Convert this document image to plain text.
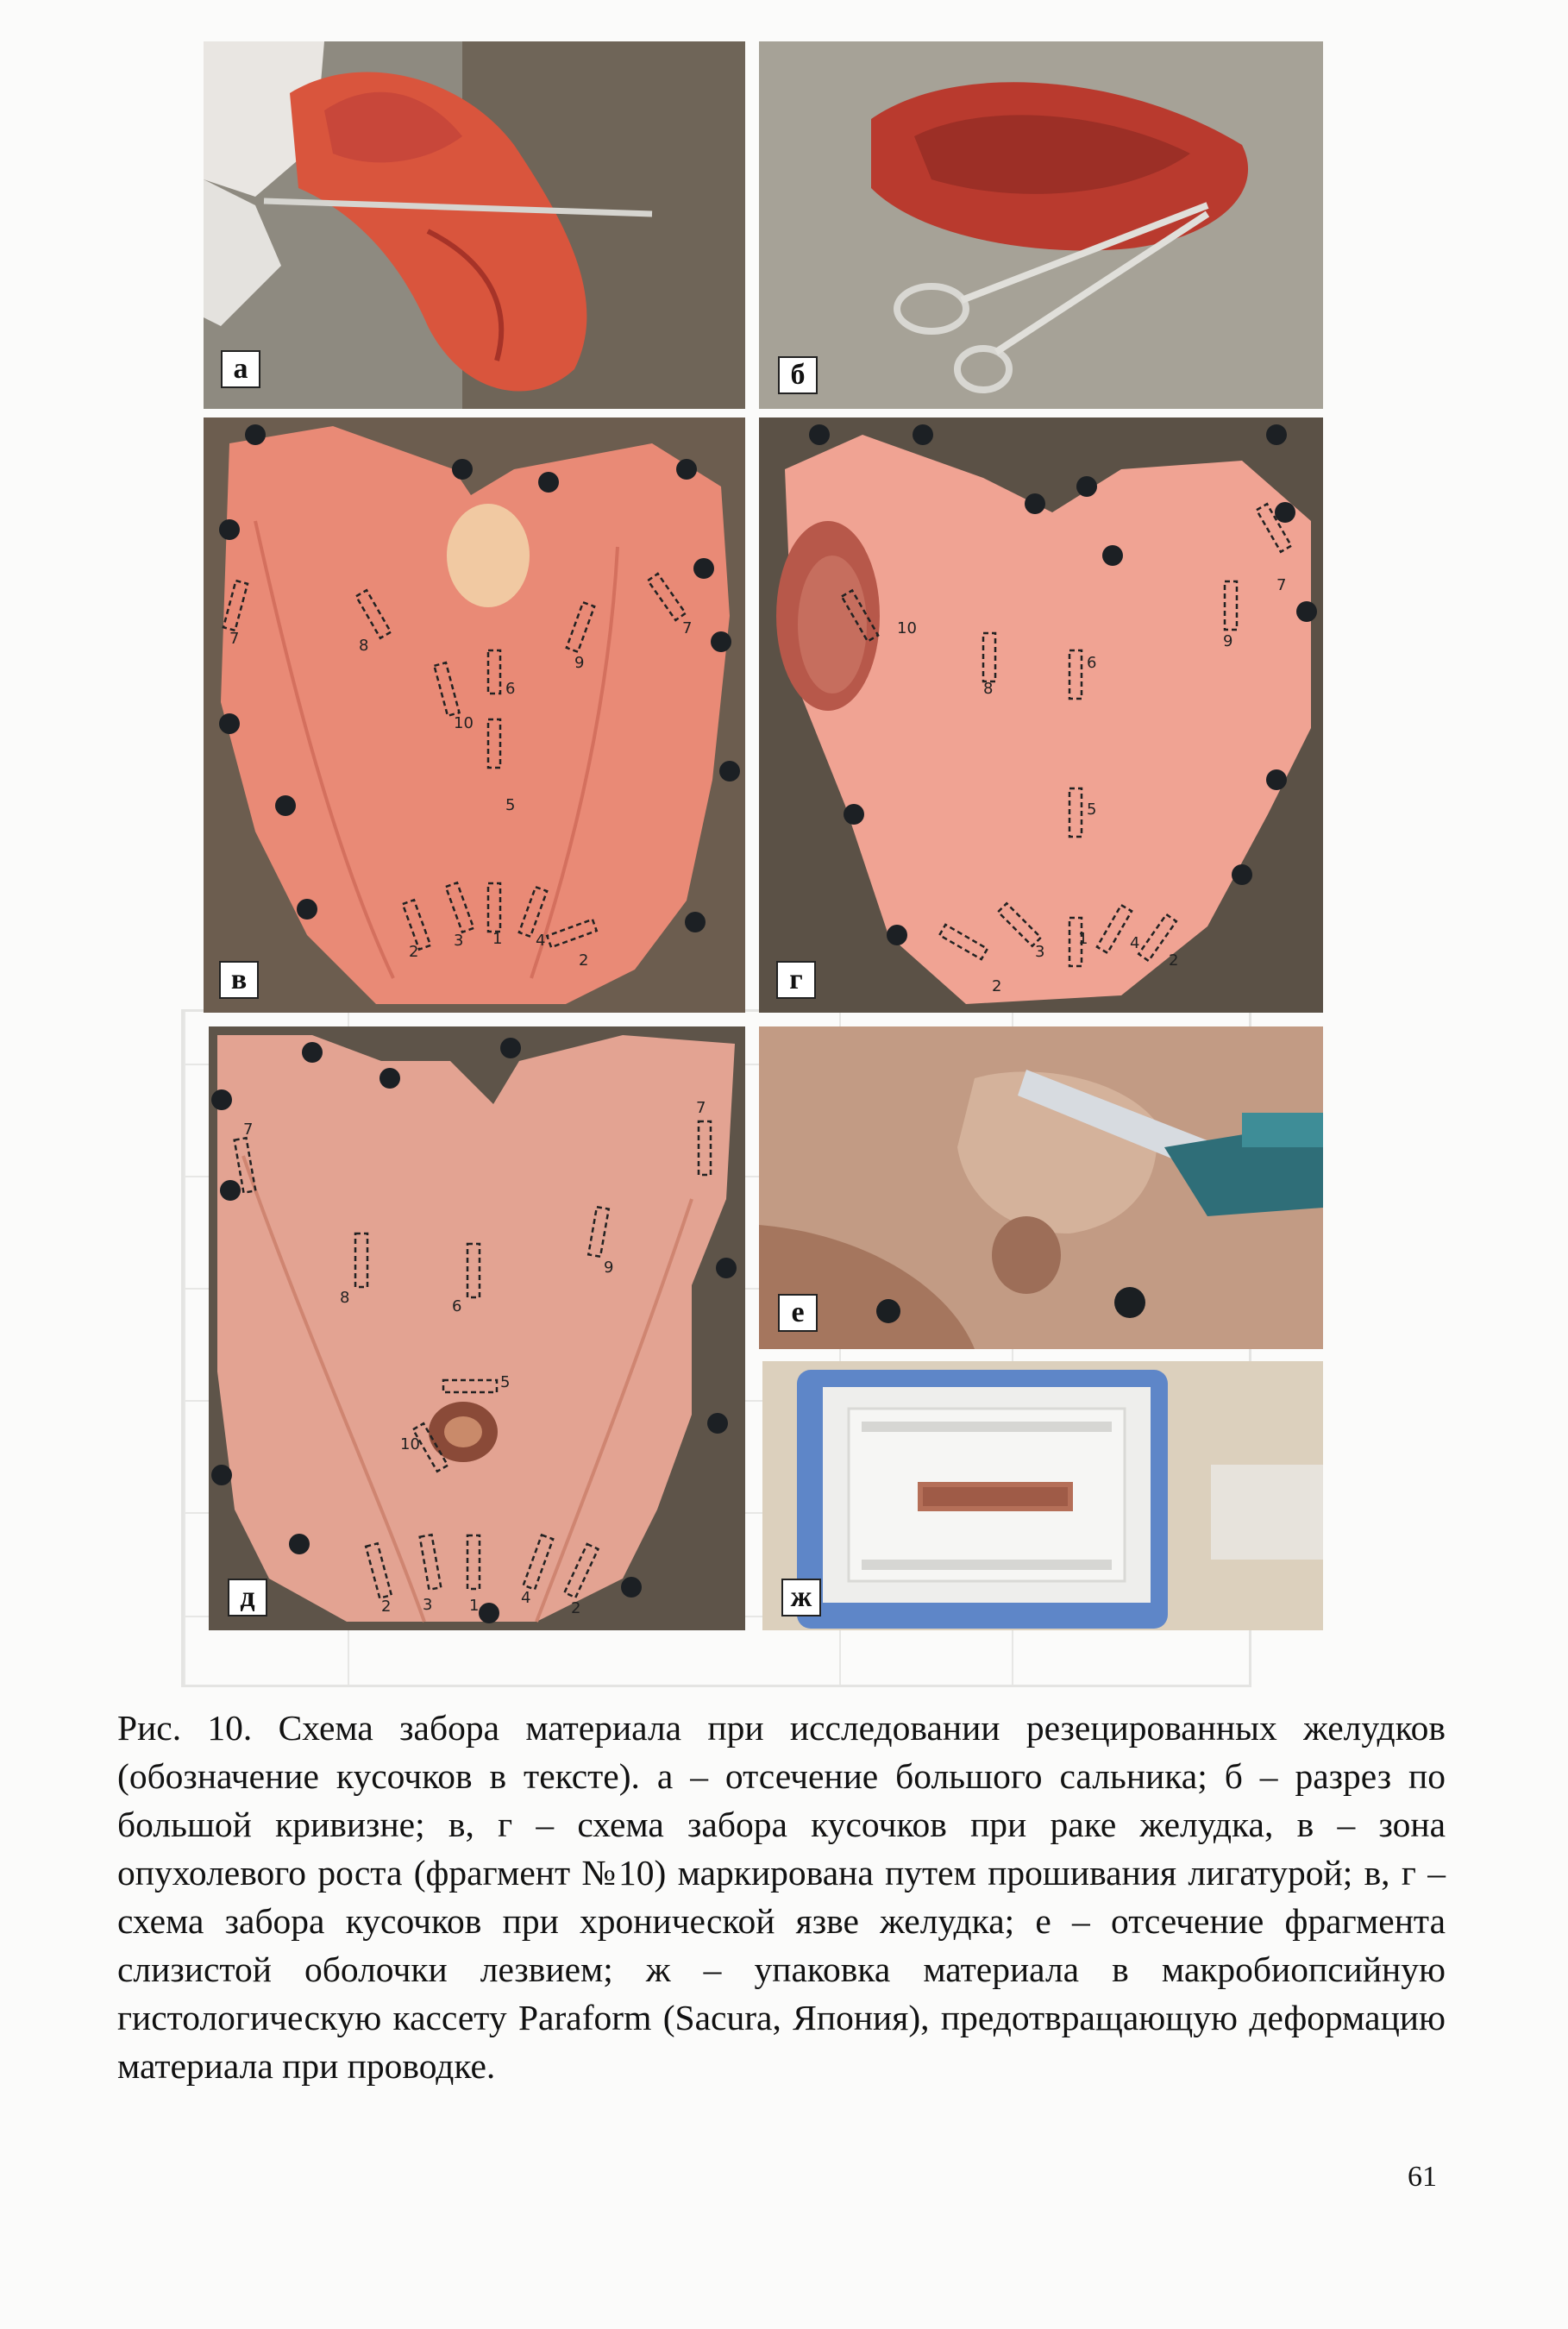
а	б
1
2
3	4
2
5
6
7	8
9
10
7
в
1
2
3	4
2
5
6
7
8
9
10
г
1
2 3	4
2
5
6
7
8
9
10
7
д
е
ж

Рис. 10. Схема забора материала при исследовании резецированных желудков (обозначение кусочков в тексте). а – отсечение большого сальника; б – разрез по большой кривизне; в, г – схема забора кусочков при раке желудка, в – зона опухолевого роста (фрагмент №10) маркирована путем прошивания лигатурой; в, г – схема забора кусочков при хронической язве желудка; е – отсечение фрагмента слизистой оболочки лезвием; ж – упаковка материала в макробиопсийную гистологическую кассету Paraform (Sacura, Япония), предотвращающую деформацию материала при проводке.

61
